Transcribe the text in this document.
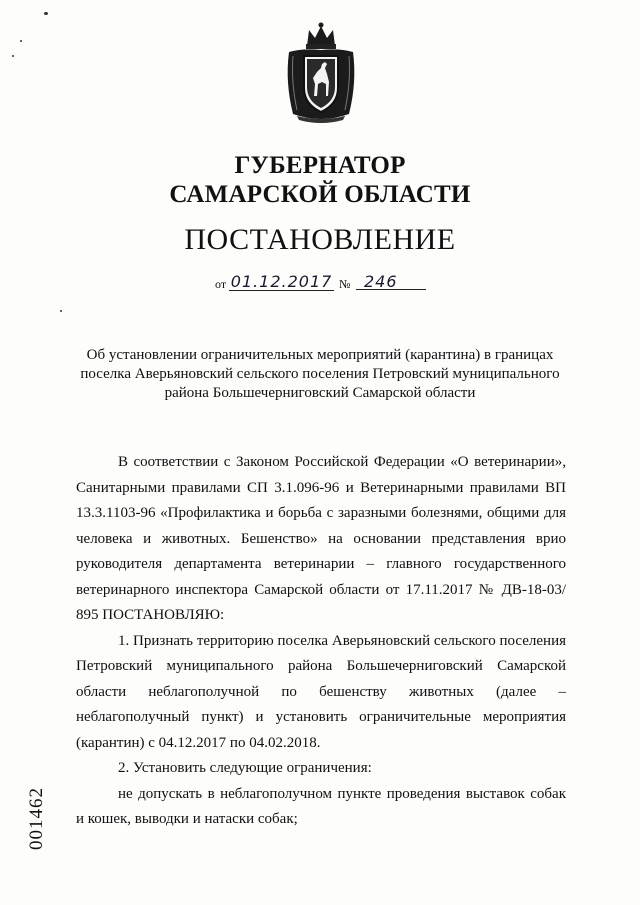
ГУБЕРНАТОР
САМАРСКОЙ ОБЛАСТИ
ПОСТАНОВЛЕНИЕ
от 01.12.2017 № 246
Об установлении ограничительных мероприятий (карантина) в границах поселка Аверьяновский сельского поселения Петровский муниципального района Большечерниговский Самарской области

В соответствии с Законом Российской Федерации «О ветеринарии», Санитарными правилами СП 3.1.096-96 и Ветеринарными правилами ВП 13.3.1103-96 «Профилактика и борьба с заразными болезнями, общими для человека и животных. Бешенство» на основании представления врио руководителя департамента ветеринарии – главного государственного ветеринарного инспектора Самарской области от 17.11.2017 № ДВ-18-03/ 895 ПОСТАНОВЛЯЮ:

1. Признать территорию поселка Аверьяновский сельского поселения Петровский муниципального района Большечерниговский Самарской области неблагополучной по бешенству животных (далее – неблагополучный пункт) и установить ограничительные мероприятия (карантин) с 04.12.2017 по 04.02.2018.

2. Установить следующие ограничения:

не допускать в неблагополучном пункте проведения выставок собак и кошек, выводки и натаски собак;

001462
